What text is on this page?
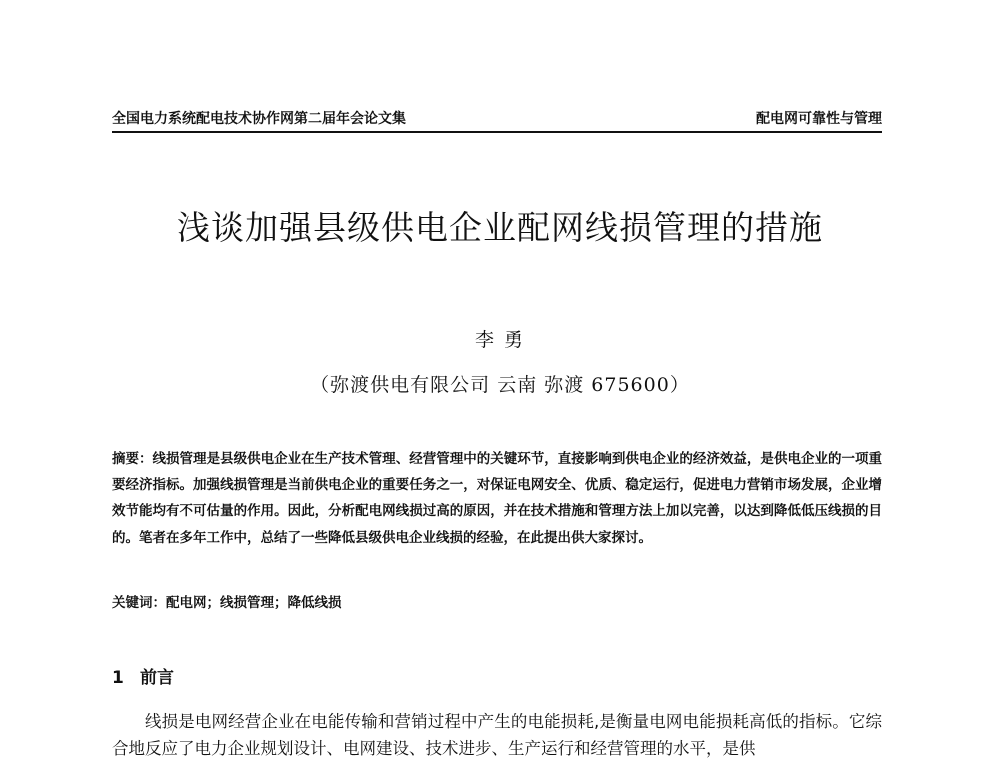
全国电力系统配电技术协作网第二届年会论文集	配电网可靠性与管理
浅谈加强县级供电企业配网线损管理的措施
李 勇
（弥渡供电有限公司 云南 弥渡 675600）
摘要：线损管理是县级供电企业在生产技术管理、经营管理中的关键环节，直接影响到供电企业的经济效益，是供电企业的一项重要经济指标。加强线损管理是当前供电企业的重要任务之一，对保证电网安全、优质、稳定运行，促进电力营销市场发展，企业增效节能均有不可估量的作用。因此，分析配电网线损过高的原因，并在技术措施和管理方法上加以完善，以达到降低低压线损的目的。笔者在多年工作中，总结了一些降低县级供电企业线损的经验，在此提出供大家探讨。
关键词：配电网；线损管理；降低线损
1 前言
线损是电网经营企业在电能传输和营销过程中产生的电能损耗,是衡量电网电能损耗高低的指标。它综合地反应了电力企业规划设计、电网建设、技术进步、生产运行和经营管理的水平，是供
